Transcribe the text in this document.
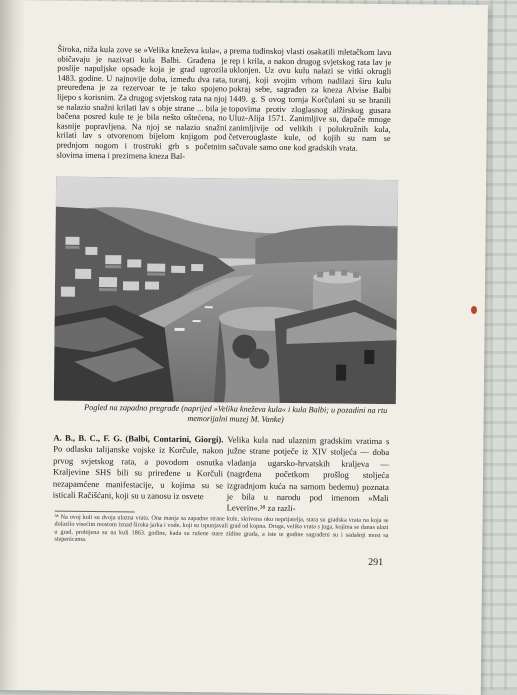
Široka, niža kula zove se »Velika kneževa kula«, a običavaju je nazivati kula Balbi. Građena je poslije napuljske opsade kojа je grad ugrozila 1483. godine. U najnovije doba, između dva rata, preuređena je za rezervoar te je tako spojeno lijepo s korisnim. Za drugog svjetskog rata na njoj se nalazio snažni krilati lav s obje strane ... bila je bačena posred kule te je bila nešto oštećena, no kasnije popravljena. Na njoj se nalazio snažni krilati lav s otvorenom bijelom knjigom pod prednjom nogom i trostruki grb s početnim slovima imena i prezimena kneza Bal-

prema tuđinskoj vlasti osakatili mletačkom lavu rep i krila, a nakon drugog svjetskog rata lav je uklonjen. Uz ovu kulu nalazi se vitki okrugli toranj, koji svojim vrhom nadilazi širu kulu pokraj sebe, sagrađen za kneza Alvise Balbi 1449. g. S ovog tornja Korčulani su se branili topovima protiv zloglasnog alžirskog gusara Uluz-Alija 1571. Zanimljive su, dapače mnoge zanimljivije od velikih i polukružnih kula, četverouglaste kule, od kojih su nam se sačuvale samo one kod gradskih vrata.

Pogled na zapadno pregrađe (naprijed »Velika kneževa kula« i kula Balbi; u pozadini na rtu memorijalni muzej M. Vanke)

A. B., B. C., F. G. (Balbi, Contarini, Giorgi). Po odlasku talijanske vojske iz Korčule, nakon prvog svjetskog rata, a povodom osnutka Kraljevine SHS bili su priređene u Korčuli nezapamćene manifestacije, u kojima su se isticali Račišćani, koji su u zanosu iz osvete

Velika kula nad ulaznim gradskim vratima s južne strane potječe iz XIV stoljeća — doba vladanja ugarsko-hrvatskih kraljeva — (nagrđena početkom prošlog stoljeća izgradnjom kuća na samom bedemu) poznata je bila u narodu pod imenom »Mali Leverin«.³⁸ za razli-

³⁸ Na ovoj kuli su dvoja ulazna vrata. Ona manja sa zapadne strane kule, skrivena oku neprijatelja, stara su gradska vrata na koja se dolazilo visećim mostom iznad široka jarka i vode, koji su ispunjavali grad od kopna. Druga, velika vrata s juga, kojima se danas ulazi u grad, probijena su na kuli 1863. godine, kada su rušene stare zidine grada, a iste te godine sagrađeni su i sadašnji most sa stepenicama.
291
